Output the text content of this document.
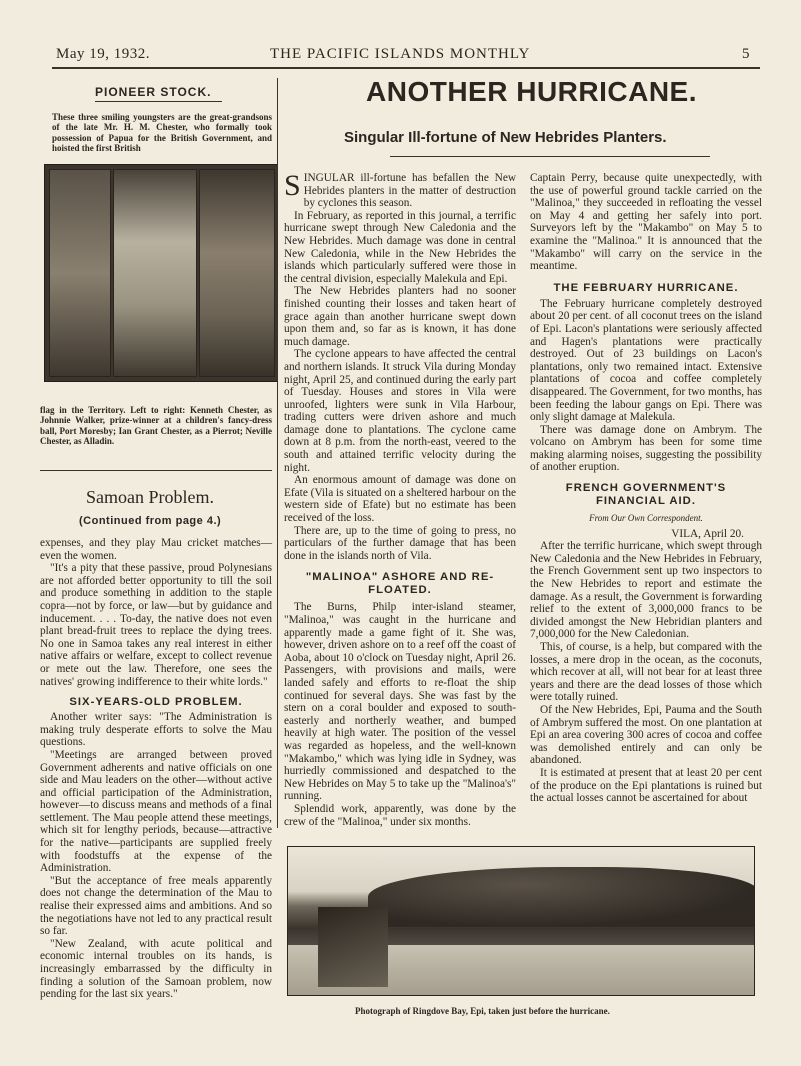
May 19, 1932.	THE PACIFIC ISLANDS MONTHLY	5
PIONEER STOCK.
These three smiling youngsters are the great-grandsons of the late Mr. H. M. Chester, who formally took possession of Papua for the British Government, and hoisted the first British
flag in the Territory. Left to right: Kenneth Chester, as Johnnie Walker, prize-winner at a children's fancy-dress ball, Port Moresby; Ian Grant Chester, as a Pierrot; Neville Chester, as Alladin.
Samoan Problem.
(Continued from page 4.)

expenses, and they play Mau cricket matches—even the women.

"It's a pity that these passive, proud Polynesians are not afforded better opportunity to till the soil and produce something in addition to the staple copra—not by force, or law—but by guidance and inducement. . . . To-day, the native does not even plant bread-fruit trees to replace the dying trees. No one in Samoa takes any real interest in either native affairs or welfare, except to collect revenue or mete out the law. Therefore, one sees the natives' growing indifference to their white lords."

SIX-YEARS-OLD PROBLEM.

Another writer says: "The Administration is making truly desperate efforts to solve the Mau questions.

"Meetings are arranged between proved Government adherents and native officials on one side and Mau leaders on the other—without active and official participation of the Administration, however—to discuss means and methods of a final settlement. The Mau people attend these meetings, which sit for lengthy periods, because—attractive for the native—participants are supplied freely with foodstuffs at the expense of the Administration.

"But the acceptance of free meals apparently does not change the determination of the Mau to realise their expressed aims and ambitions. And so the negotiations have not led to any practical result so far.

"New Zealand, with acute political and economic internal troubles on its hands, is increasingly embarrassed by the difficulty in finding a solution of the Samoan problem, now pending for the last six years."

ANOTHER HURRICANE.
Singular Ill-fortune of New Hebrides Planters.

SINGULAR ill-fortune has befallen the New Hebrides planters in the matter of destruction by cyclones this season.

In February, as reported in this journal, a terrific hurricane swept through New Caledonia and the New Hebrides. Much damage was done in central New Caledonia, while in the New Hebrides the islands which particularly suffered were those in the central division, especially Malekula and Epi.

The New Hebrides planters had no sooner finished counting their losses and taken heart of grace again than another hurricane swept down upon them and, so far as is known, it has done much damage.

The cyclone appears to have affected the central and northern islands. It struck Vila during Monday night, April 25, and continued during the early part of Tuesday. Houses and stores in Vila were unroofed, lighters were sunk in Vila Harbour, trading cutters were driven ashore and much damage done to plantations. The cyclone came down at 8 p.m. from the north-east, veered to the south and attained terrific velocity during the night.

An enormous amount of damage was done on Efate (Vila is situated on a sheltered harbour on the western side of Efate) but no estimate has been received of the loss.

There are, up to the time of going to press, no particulars of the further damage that has been done in the islands north of Vila.

"MALINOA" ASHORE AND RE-FLOATED.

The Burns, Philp inter-island steamer, "Malinoa," was caught in the hurricane and apparently made a game fight of it. She was, however, driven ashore on to a reef off the coast of Aoba, about 10 o'clock on Tuesday night, April 26. Passengers, with provisions and mails, were landed safely and efforts to re-float the ship continued for several days. She was fast by the stern on a coral boulder and exposed to south-easterly and northerly weather, and bumped heavily at high water. The position of the vessel was regarded as hopeless, and the well-known "Makambo," which was lying idle in Sydney, was hurriedly commissioned and despatched to the New Hebrides on May 5 to take up the "Malinoa's" running.

Splendid work, apparently, was done by the crew of the "Malinoa," under six months.

Captain Perry, because quite unexpectedly, with the use of powerful ground tackle carried on the "Malinoa," they succeeded in refloating the vessel on May 4 and getting her safely into port. Surveyors left by the "Makambo" on May 5 to examine the "Malinoa." It is announced that the "Makambo" will carry on the service in the meantime.

THE FEBRUARY HURRICANE.

The February hurricane completely destroyed about 20 per cent. of all coconut trees on the island of Epi. Lacon's plantations were seriously affected and Hagen's plantations were practically destroyed. Out of 23 buildings on Lacon's plantations, only two remained intact. Extensive plantations of cocoa and coffee completely disappeared. The Government, for two months, has been feeding the labour gangs on Epi. There was only slight damage at Malekula.

There was damage done on Ambrym. The volcano on Ambrym has been for some time making alarming noises, suggesting the possibility of another eruption.

FRENCH GOVERNMENT'S FINANCIAL AID.
From Our Own Correspondent.
VILA, April 20.

After the terrific hurricane, which swept through New Caledonia and the New Hebrides in February, the French Government sent up two inspectors to the New Hebrides to report and estimate the damage. As a result, the Government is forwarding relief to the extent of 3,000,000 francs to be divided amongst the New Hebridian planters and 7,000,000 for the New Caledonian.

This, of course, is a help, but compared with the losses, a mere drop in the ocean, as the coconuts, which recover at all, will not bear for at least three years and there are the dead losses of those which were totally ruined.

Of the New Hebrides, Epi, Pauma and the South of Ambrym suffered the most. On one plantation at Epi an area covering 300 acres of cocoa and coffee was demolished entirely and can only be abandoned.

It is estimated at present that at least 20 per cent of the produce on the Epi plantations is ruined but the actual losses cannot be ascertained for about

Photograph of Ringdove Bay, Epi, taken just before the hurricane.
